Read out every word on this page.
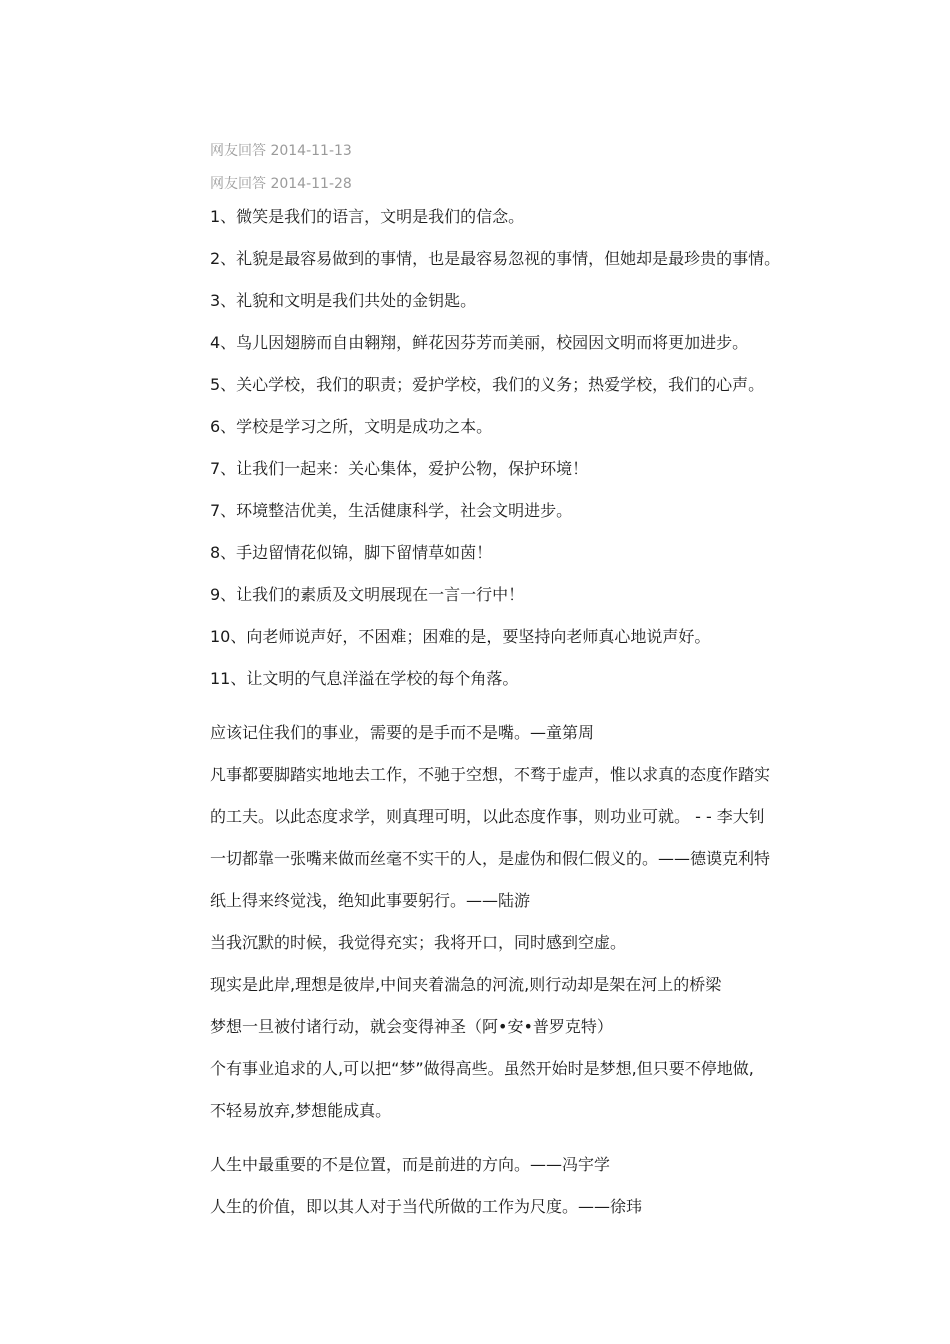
网友回答 2014-11-13
网友回答 2014-11-28
1、微笑是我们的语言，文明是我们的信念。
2、礼貌是最容易做到的事情，也是最容易忽视的事情，但她却是最珍贵的事情。
3、礼貌和文明是我们共处的金钥匙。
4、鸟儿因翅膀而自由翱翔，鲜花因芬芳而美丽，校园因文明而将更加进步。
5、关心学校，我们的职责；爱护学校，我们的义务；热爱学校，我们的心声。
6、学校是学习之所，文明是成功之本。
7、让我们一起来：关心集体，爱护公物，保护环境！
7、环境整洁优美，生活健康科学，社会文明进步。
8、手边留情花似锦，脚下留情草如茵！
9、让我们的素质及文明展现在一言一行中！
10、向老师说声好，不困难；困难的是，要坚持向老师真心地说声好。
11、让文明的气息洋溢在学校的每个角落。
应该记住我们的事业，需要的是手而不是嘴。—童第周
凡事都要脚踏实地地去工作，不驰于空想，不骛于虚声，惟以求真的态度作踏实
的工夫。以此态度求学，则真理可明，以此态度作事，则功业可就。 - - 李大钊
一切都靠一张嘴来做而丝毫不实干的人，是虚伪和假仁假义的。——德谟克利特
纸上得来终觉浅，绝知此事要躬行。——陆游
当我沉默的时候，我觉得充实；我将开口，同时感到空虚。
现实是此岸,理想是彼岸,中间夹着湍急的河流,则行动却是架在河上的桥梁
梦想一旦被付诸行动，就会变得神圣（阿•安•普罗克特）
个有事业追求的人,可以把“梦”做得高些。虽然开始时是梦想,但只要不停地做,
不轻易放弃,梦想能成真。
人生中最重要的不是位置，而是前进的方向。——冯宇学
人生的价值，即以其人对于当代所做的工作为尺度。——徐玮
